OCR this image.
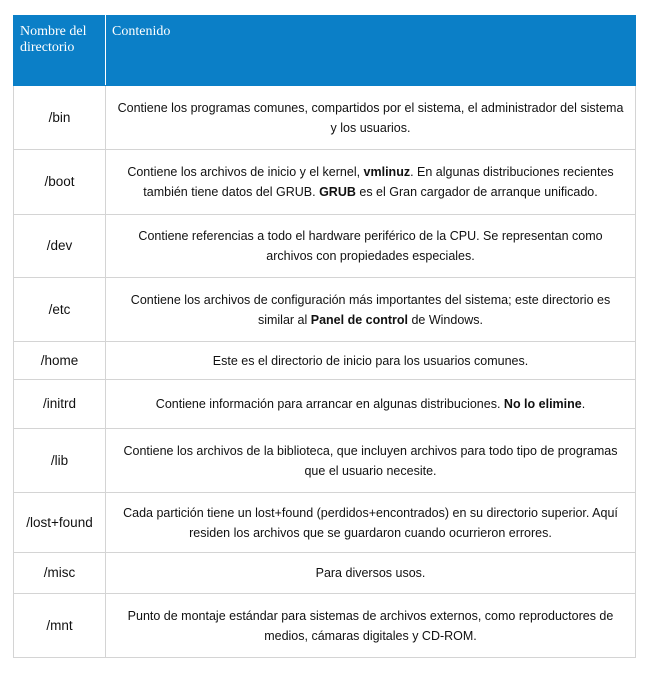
Nombre del directorio	Contenido
/bin	Contiene los programas comunes, compartidos por el sistema, el administrador del sistema y los usuarios.
/boot	Contiene los archivos de inicio y el kernel, vmlinuz. En algunas distribuciones recientes también tiene datos del GRUB. GRUB es el Gran cargador de arranque unificado.
/dev	Contiene referencias a todo el hardware periférico de la CPU. Se representan como archivos con propiedades especiales.
/etc	Contiene los archivos de configuración más importantes del sistema; este directorio es similar al Panel de control de Windows.
/home	Este es el directorio de inicio para los usuarios comunes.
/initrd	Contiene información para arrancar en algunas distribuciones. No lo elimine.
/lib	Contiene los archivos de la biblioteca, que incluyen archivos para todo tipo de programas que el usuario necesite.
/lost+found	Cada partición tiene un lost+found (perdidos+encontrados) en su directorio superior. Aquí residen los archivos que se guardaron cuando ocurrieron errores.
/misc	Para diversos usos.
/mnt	Punto de montaje estándar para sistemas de archivos externos, como reproductores de medios, cámaras digitales y CD-ROM.
